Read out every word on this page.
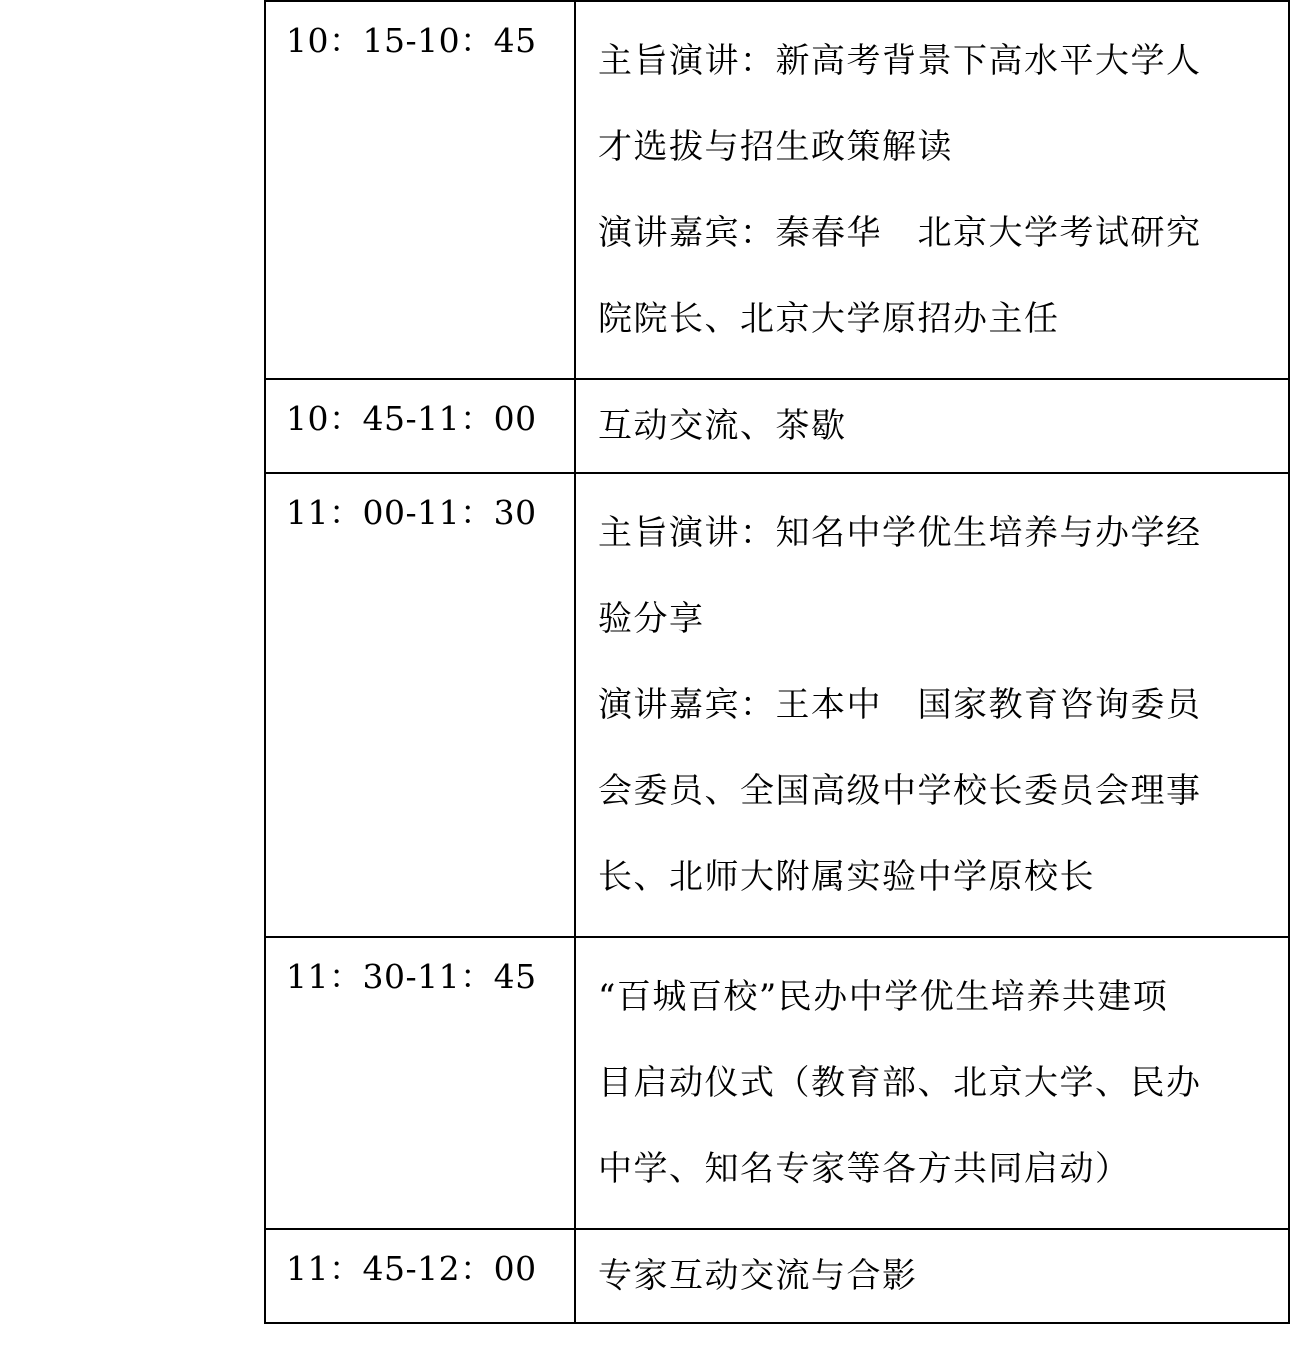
10：15-10：45	主旨演讲：新高考背景下高水平大学人
才选拔与招生政策解读
演讲嘉宾：秦春华　北京大学考试研究
院院长、北京大学原招办主任

10：45-11：00	互动交流、茶歇

11：00-11：30	主旨演讲：知名中学优生培养与办学经
验分享
演讲嘉宾：王本中　国家教育咨询委员
会委员、全国高级中学校长委员会理事
长、北师大附属实验中学原校长

11：30-11：45	“百城百校”民办中学优生培养共建项
目启动仪式（教育部、北京大学、民办
中学、知名专家等各方共同启动）

11：45-12：00	专家互动交流与合影
